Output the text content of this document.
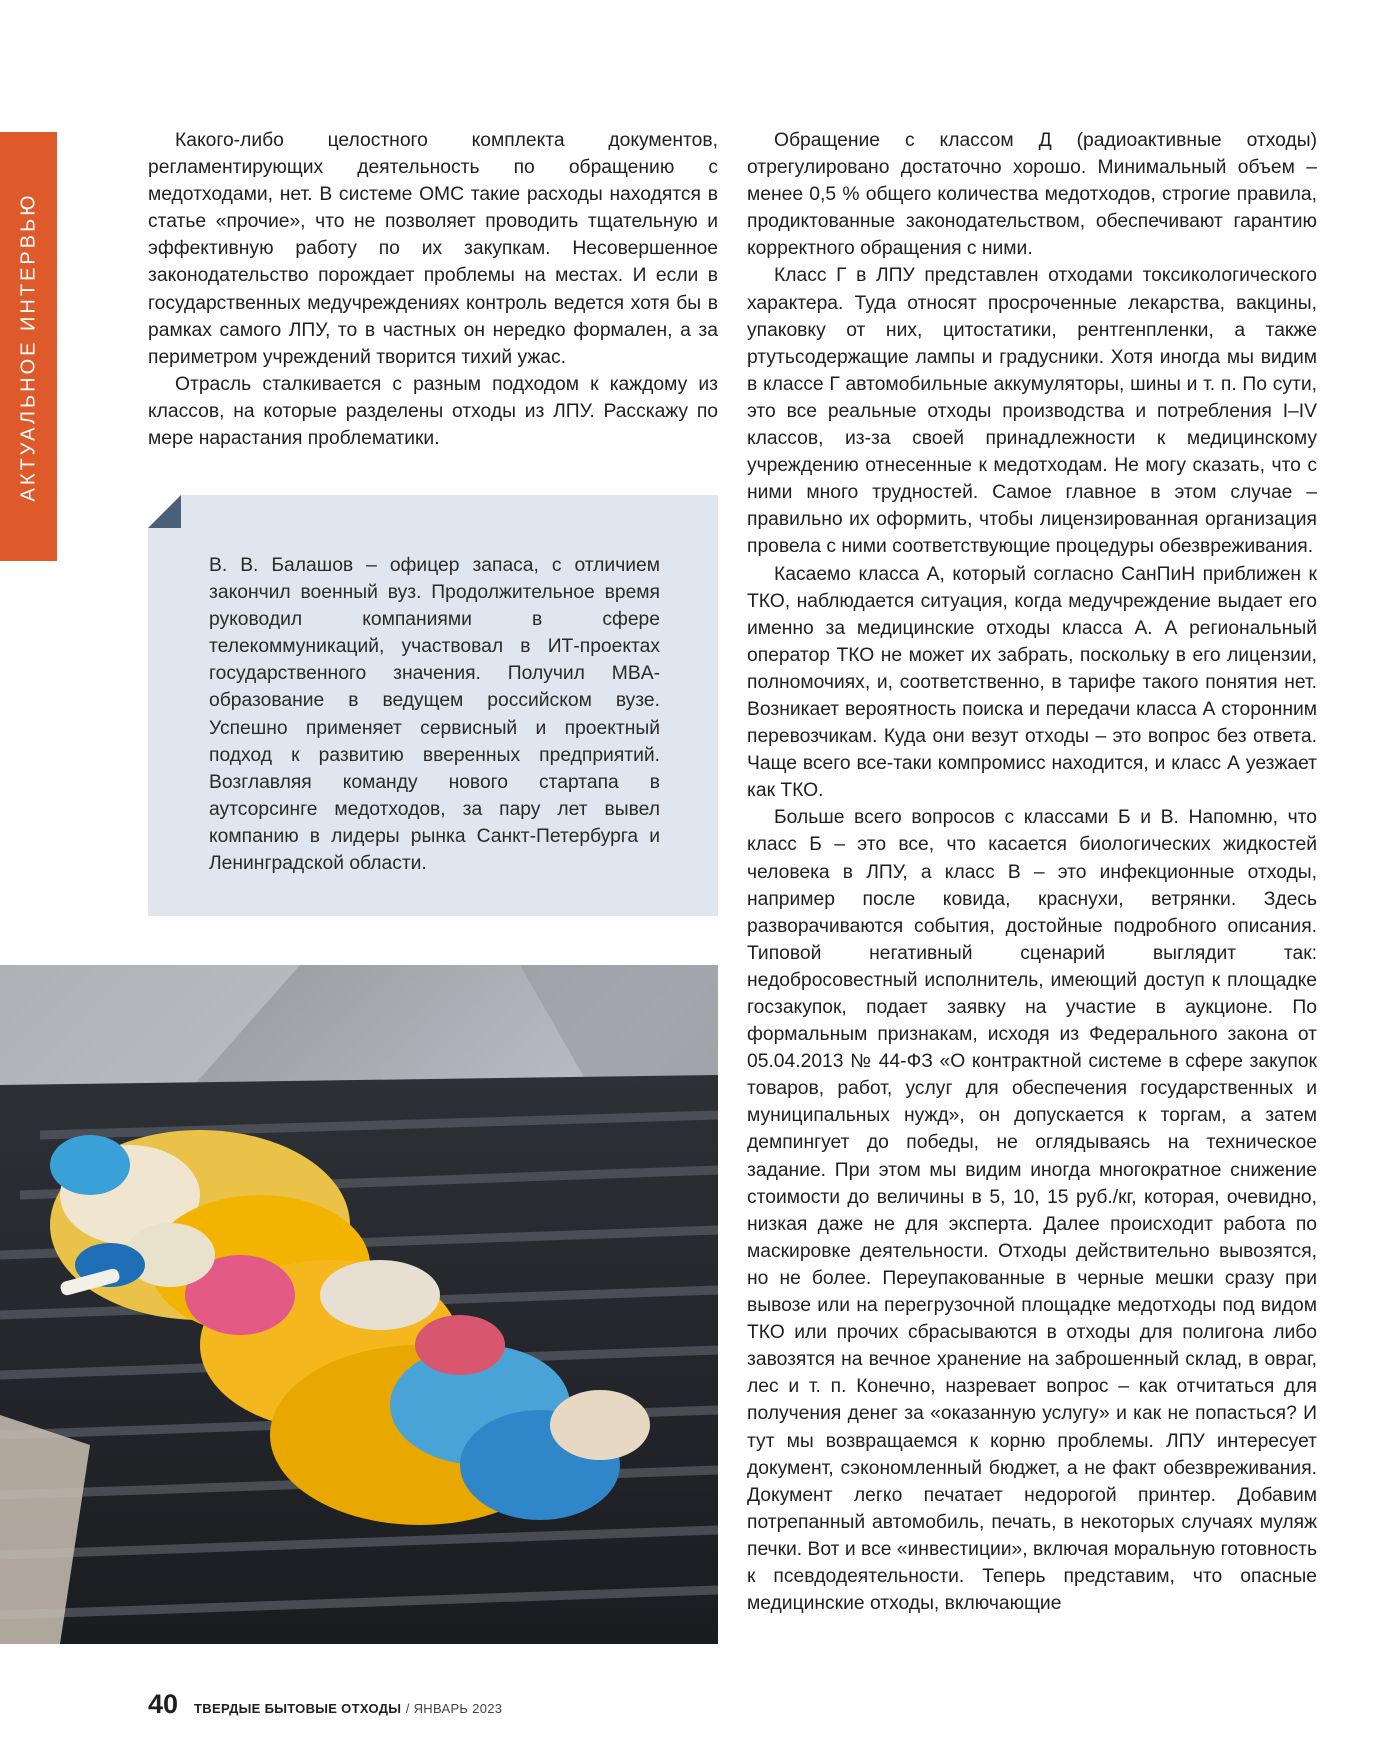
АКТУАЛЬНОЕ ИНТЕРВЬЮ

Какого-либо целостного комплекта документов, регламентирующих деятельность по обращению с медотходами, нет. В системе ОМС такие расходы находятся в статье «прочие», что не позволяет проводить тщательную и эффективную работу по их закупкам. Несовершенное законодательство порождает проблемы на местах. И если в государственных медучреждениях контроль ведется хотя бы в рамках самого ЛПУ, то в частных он нередко формален, а за периметром учреждений творится тихий ужас.

Отрасль сталкивается с разным подходом к каждому из классов, на которые разделены отходы из ЛПУ. Расскажу по мере нарастания проблематики.

В. В. Балашов – офицер запаса, с отличием закончил военный вуз. Продолжительное время руководил компаниями в сфере телекоммуникаций, участвовал в ИТ-проектах государственного значения. Получил MBA-образование в ведущем российском вузе. Успешно применяет сервисный и проектный подход к развитию вверенных предприятий. Возглавляя команду нового стартапа в аутсорсинге медотходов, за пару лет вывел компанию в лидеры рынка Санкт-Петербурга и Ленинградской области.

Обращение с классом Д (радиоактивные отходы) отрегулировано достаточно хорошо. Минимальный объем – менее 0,5 % общего количества медотходов, строгие правила, продиктованные законодательством, обеспечивают гарантию корректного обращения с ними.

Класс Г в ЛПУ представлен отходами токсикологического характера. Туда относят просроченные лекарства, вакцины, упаковку от них, цитостатики, рентгенпленки, а также ртутьсодержащие лампы и градусники. Хотя иногда мы видим в классе Г автомобильные аккумуляторы, шины и т. п. По сути, это все реальные отходы производства и потребления I–IV классов, из-за своей принадлежности к медицинскому учреждению отнесенные к медотходам. Не могу сказать, что с ними много трудностей. Самое главное в этом случае – правильно их оформить, чтобы лицензированная организация провела с ними соответствующие процедуры обезвреживания.

Касаемо класса А, который согласно СанПиН приближен к ТКО, наблюдается ситуация, когда медучреждение выдает его именно за медицинские отходы класса А. А региональный оператор ТКО не может их забрать, поскольку в его лицензии, полномочиях, и, соответственно, в тарифе такого понятия нет. Возникает вероятность поиска и передачи класса А сторонним перевозчикам. Куда они везут отходы – это вопрос без ответа. Чаще всего все-таки компромисс находится, и класс А уезжает как ТКО.

Больше всего вопросов с классами Б и В. Напомню, что класс Б – это все, что касается биологических жидкостей человека в ЛПУ, а класс В – это инфекционные отходы, например после ковида, краснухи, ветрянки. Здесь разворачиваются события, достойные подробного описания. Типовой негативный сценарий выглядит так: недобросовестный исполнитель, имеющий доступ к площадке госзакупок, подает заявку на участие в аукционе. По формальным признакам, исходя из Федерального закона от 05.04.2013 № 44-ФЗ «О контрактной системе в сфере закупок товаров, работ, услуг для обеспечения государственных и муниципальных нужд», он допускается к торгам, а затем демпингует до победы, не оглядываясь на техническое задание. При этом мы видим иногда многократное снижение стоимости до величины в 5, 10, 15 руб./кг, которая, очевидно, низкая даже не для эксперта. Далее происходит работа по маскировке деятельности. Отходы действительно вывозятся, но не более. Переупакованные в черные мешки сразу при вывозе или на перегрузочной площадке медотходы под видом ТКО или прочих сбрасываются в отходы для полигона либо завозятся на вечное хранение на заброшенный склад, в овраг, лес и т. п. Конечно, назревает вопрос – как отчитаться для получения денег за «оказанную услугу» и как не попасться? И тут мы возвращаемся к корню проблемы. ЛПУ интересует документ, сэкономленный бюджет, а не факт обезвреживания. Документ легко печатает недорогой принтер. Добавим потрепанный автомобиль, печать, в некоторых случаях муляж печки. Вот и все «инвестиции», включая моральную готовность к псевдодеятельности. Теперь представим, что опасные медицинские отходы, включающие

40 ТВЕРДЫЕ БЫТОВЫЕ ОТХОДЫ / ЯНВАРЬ 2023
